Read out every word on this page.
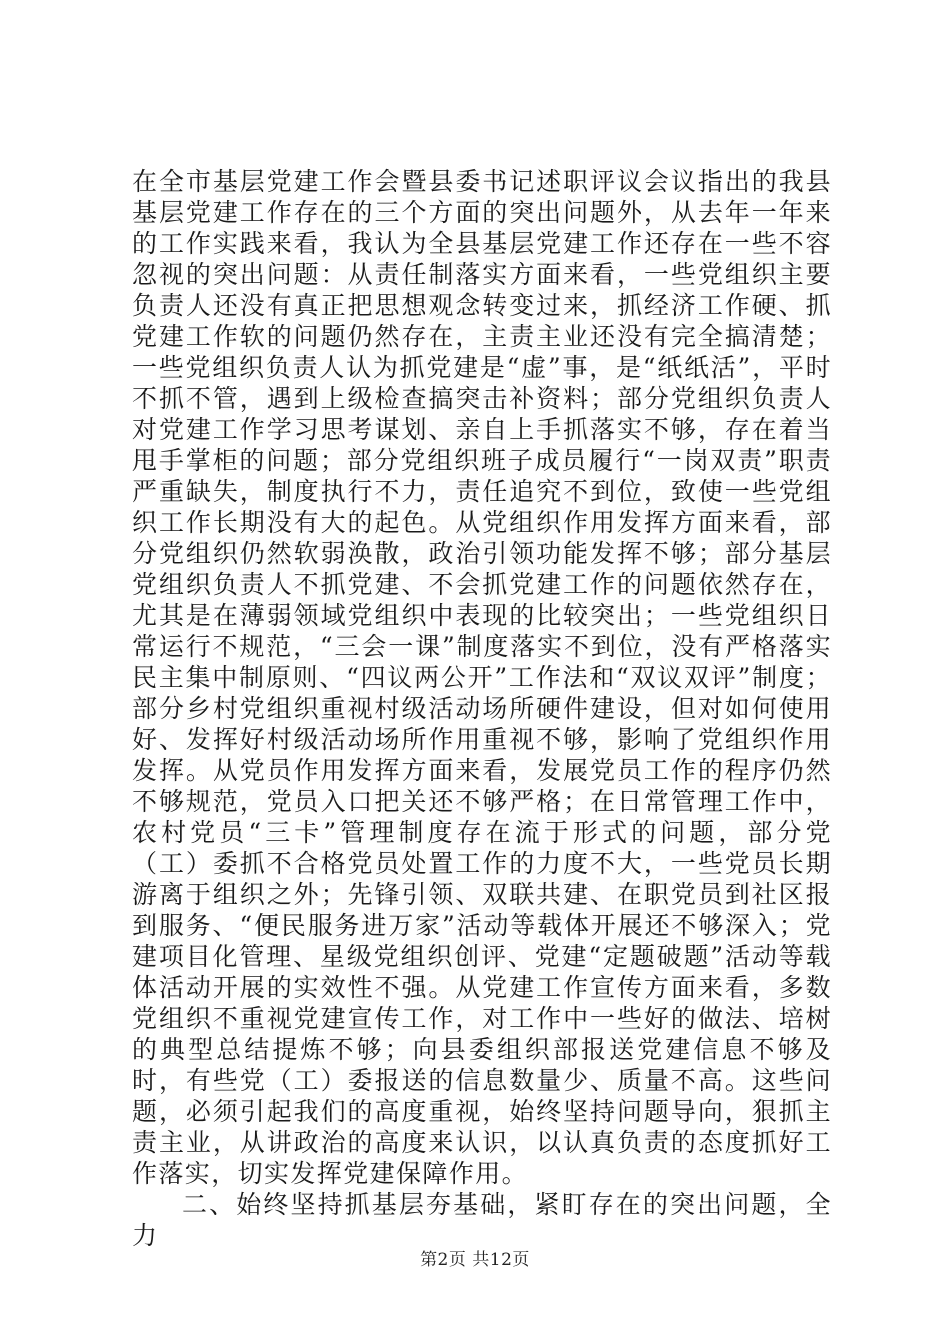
在全市基层党建工作会暨县委书记述职评议会议指出的我县基层党建工作存在的三个方面的突出问题外，从去年一年来的工作实践来看，我认为全县基层党建工作还存在一些不容忽视的突出问题：从责任制落实方面来看，一些党组织主要负责人还没有真正把思想观念转变过来，抓经济工作硬、抓党建工作软的问题仍然存在，主责主业还没有完全搞清楚；一些党组织负责人认为抓党建是“虚”事，是“纸纸活”，平时不抓不管，遇到上级检查搞突击补资料；部分党组织负责人对党建工作学习思考谋划、亲自上手抓落实不够，存在着当甩手掌柜的问题；部分党组织班子成员履行“一岗双责”职责严重缺失，制度执行不力，责任追究不到位，致使一些党组织工作长期没有大的起色。从党组织作用发挥方面来看，部分党组织仍然软弱涣散，政治引领功能发挥不够；部分基层党组织负责人不抓党建、不会抓党建工作的问题依然存在，尤其是在薄弱领域党组织中表现的比较突出；一些党组织日常运行不规范，“三会一课”制度落实不到位，没有严格落实民主集中制原则、“四议两公开”工作法和“双议双评”制度；部分乡村党组织重视村级活动场所硬件建设，但对如何使用好、发挥好村级活动场所作用重视不够，影响了党组织作用发挥。从党员作用发挥方面来看，发展党员工作的程序仍然不够规范，党员入口把关还不够严格；在日常管理工作中，农村党员“三卡”管理制度存在流于形式的问题，部分党（工）委抓不合格党员处置工作的力度不大，一些党员长期游离于组织之外；先锋引领、双联共建、在职党员到社区报到服务、“便民服务进万家”活动等载体开展还不够深入；党建项目化管理、星级党组织创评、党建“定题破题”活动等载体活动开展的实效性不强。从党建工作宣传方面来看，多数党组织不重视党建宣传工作，对工作中一些好的做法、培树的典型总结提炼不够；向县委组织部报送党建信息不够及时，有些党（工）委报送的信息数量少、质量不高。这些问题，必须引起我们的高度重视，始终坚持问题导向，狠抓主责主业，从讲政治的高度来认识，以认真负责的态度抓好工作落实，切实发挥党建保障作用。

二、始终坚持抓基层夯基础，紧盯存在的突出问题，全力

第2页 共12页
